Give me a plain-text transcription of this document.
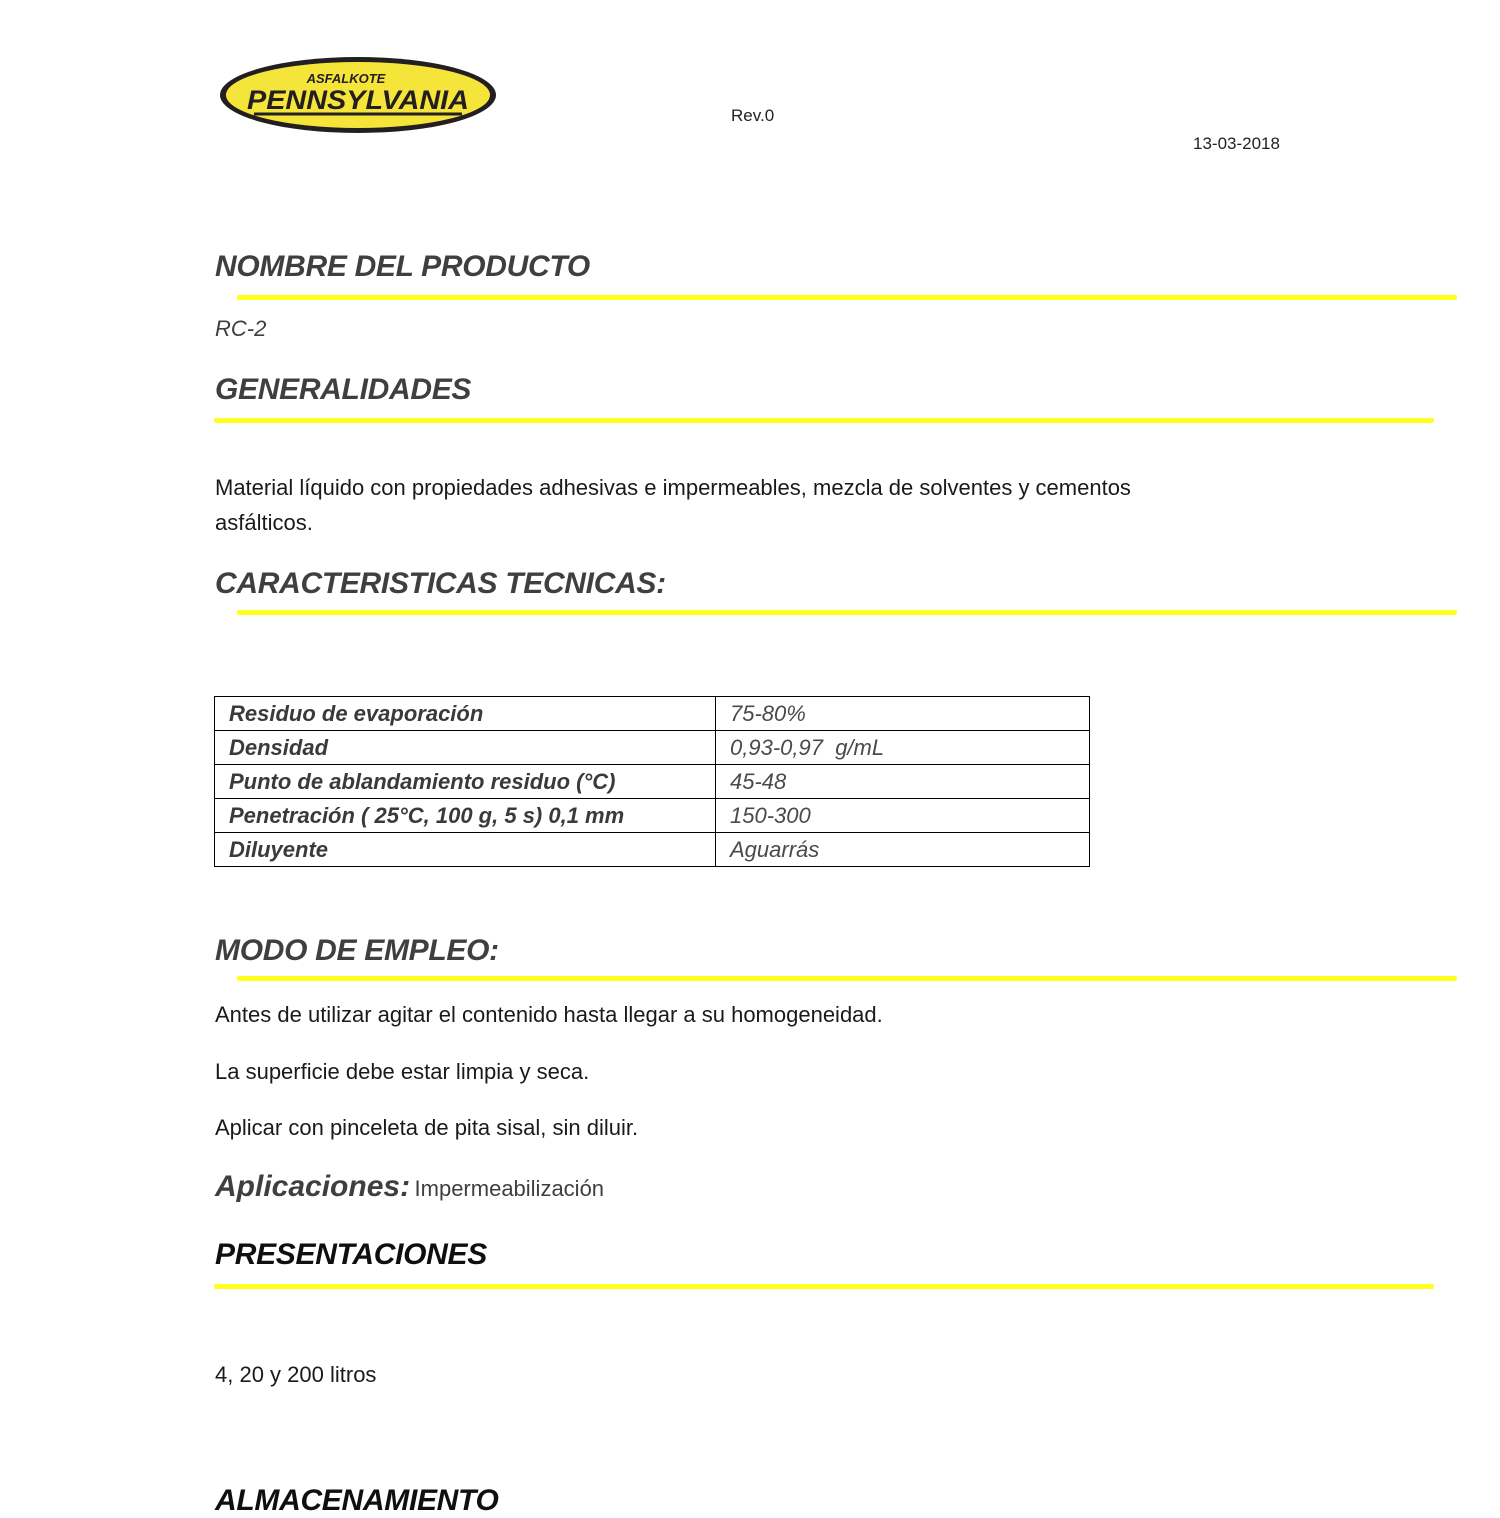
ASFALKOTE
PENNSYLVANIA
Rev.0
13-03-2018
NOMBRE DEL PRODUCTO
RC-2
GENERALIDADES
Material líquido con propiedades adhesivas e impermeables, mezcla de solventes y cementos
asfálticos.
CARACTERISTICAS TECNICAS:
Residuo de evaporación	75-80%
Densidad	0,93-0,97  g/mL
Punto de ablandamiento residuo (°C)	45-48
Penetración ( 25°C, 100 g, 5 s) 0,1 mm	150-300
Diluyente	Aguarrás
MODO DE EMPLEO:
Antes de utilizar agitar el contenido hasta llegar a su homogeneidad.
La superficie debe estar limpia y seca.
Aplicar con pinceleta de pita sisal, sin diluir.
Aplicaciones: Impermeabilización
PRESENTACIONES
4, 20 y 200 litros
ALMACENAMIENTO
